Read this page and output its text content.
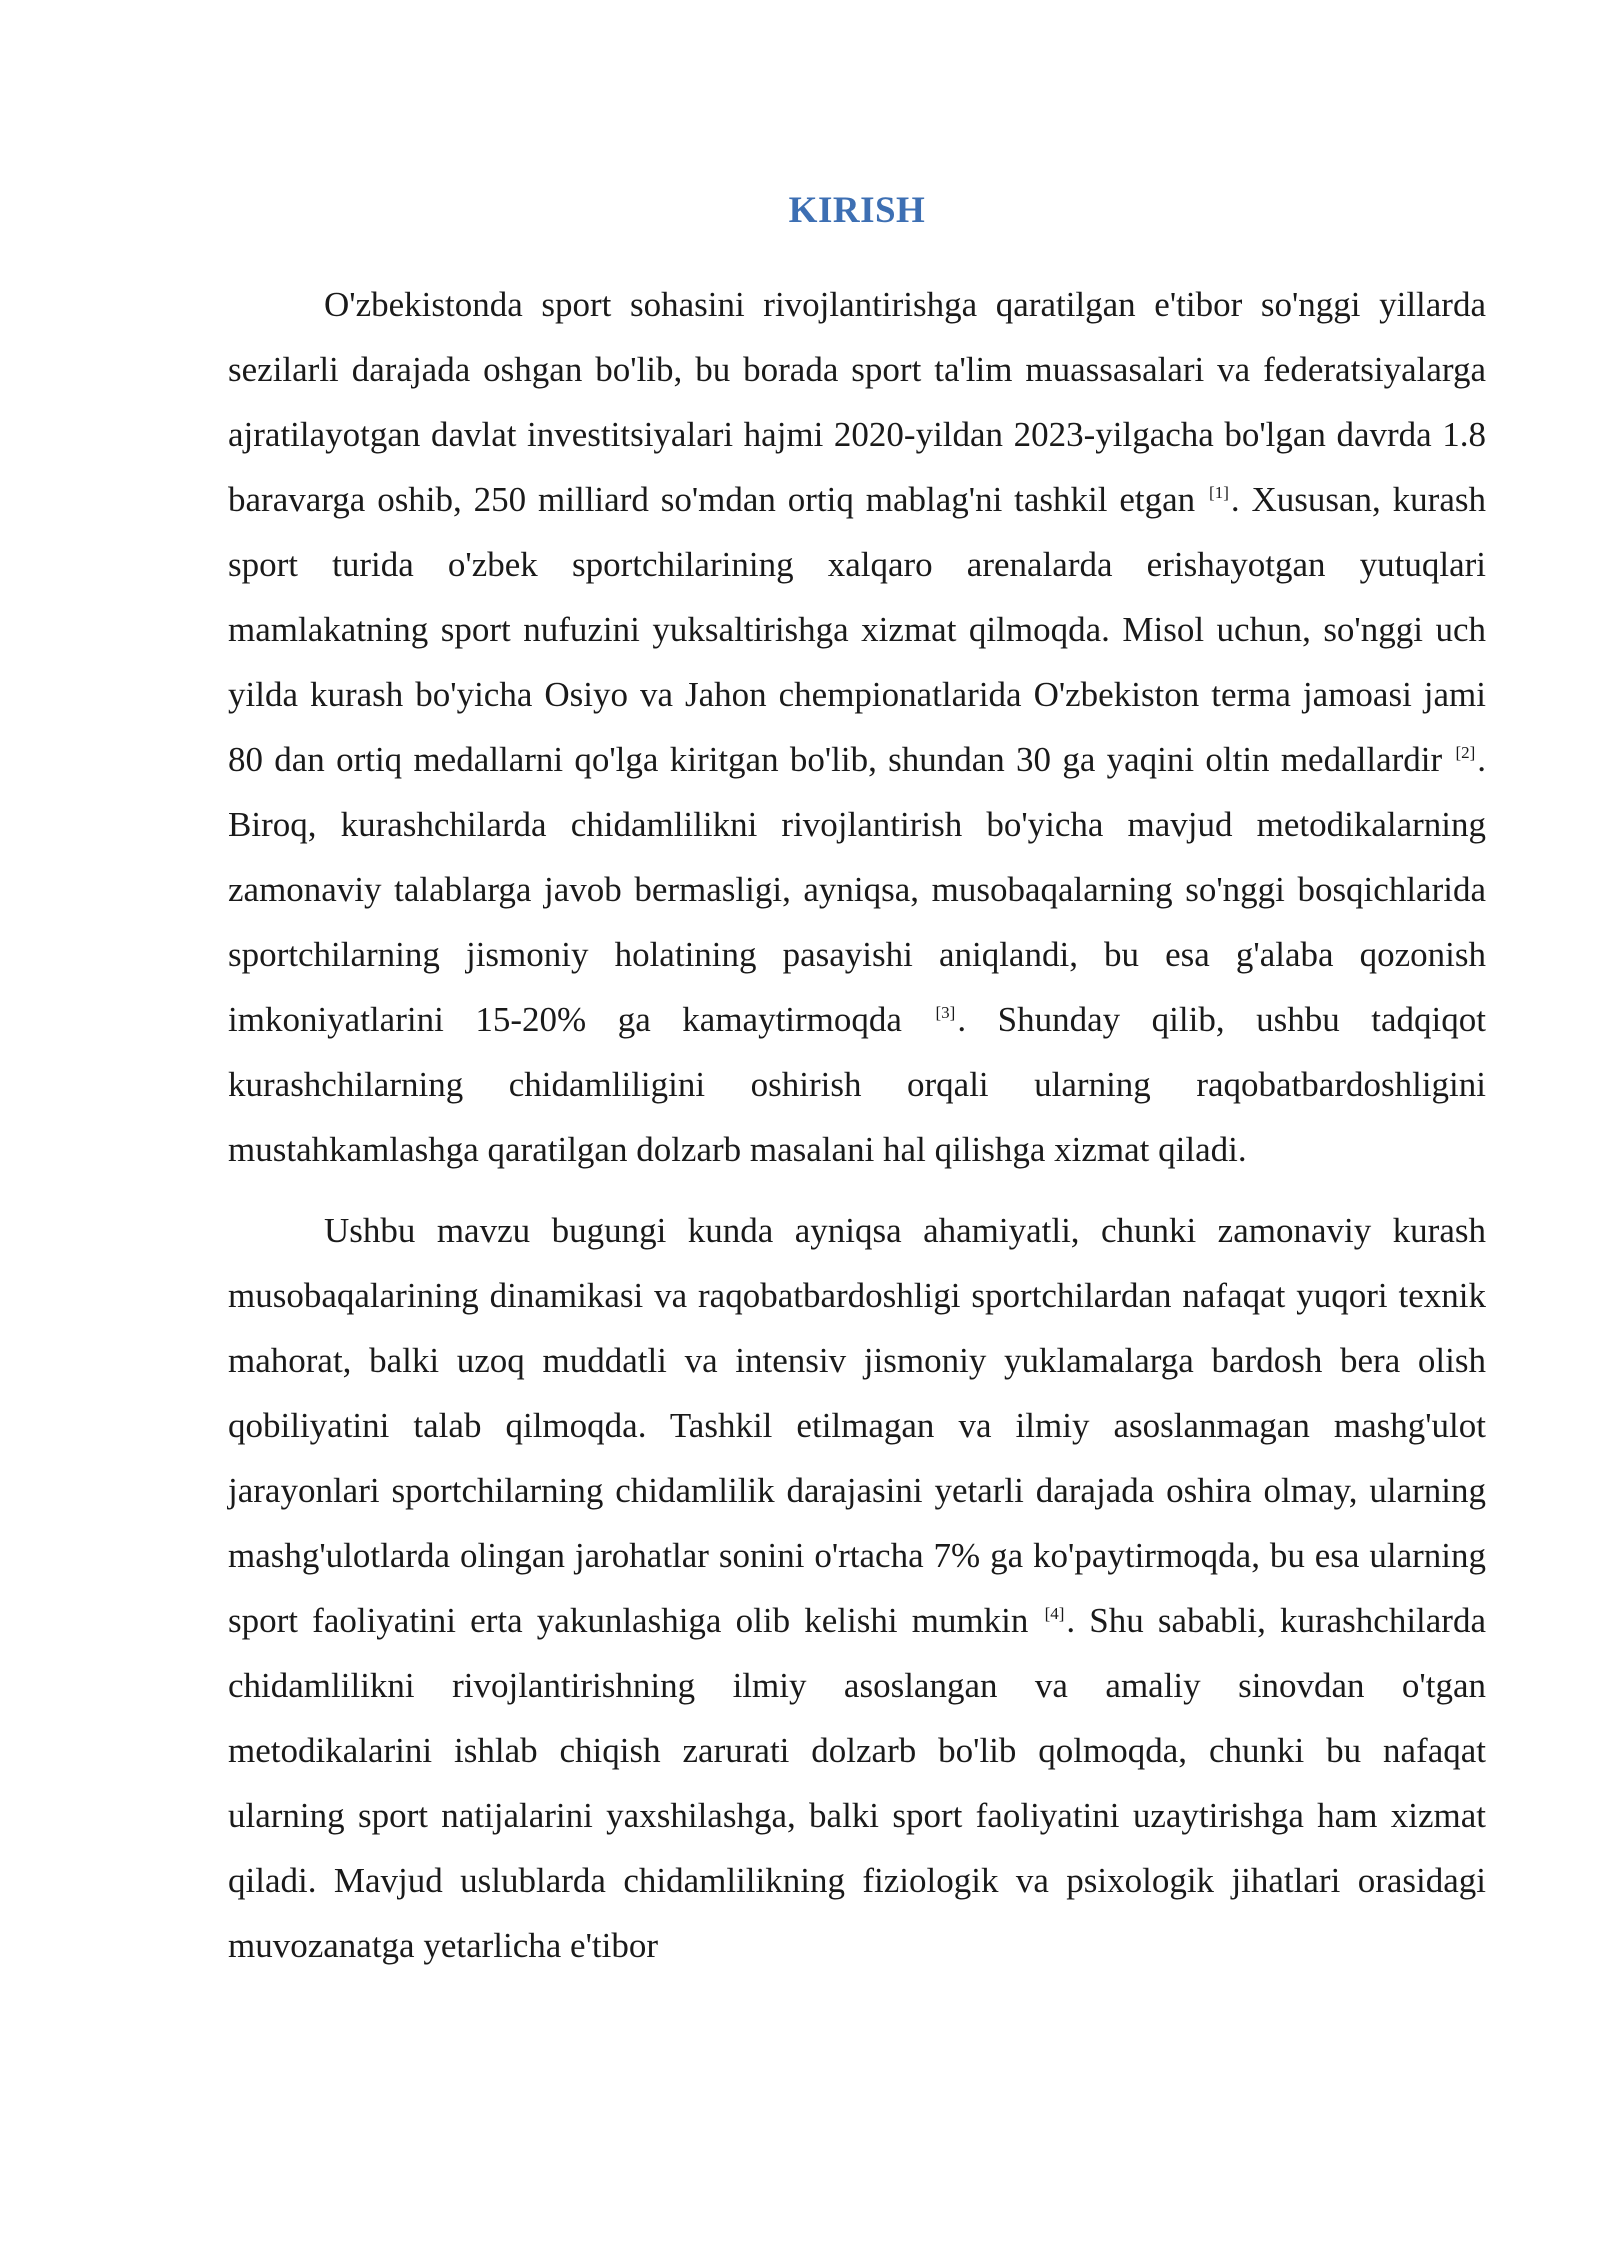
KIRISH

O'zbekistonda sport sohasini rivojlantirishga qaratilgan e'tibor so'nggi yillarda sezilarli darajada oshgan bo'lib, bu borada sport ta'lim muassasalari va federatsiyalarga ajratilayotgan davlat investitsiyalari hajmi 2020-yildan 2023-yilgacha bo'lgan davrda 1.8 baravarga oshib, 250 milliard so'mdan ortiq mablag'ni tashkil etgan [1]. Xususan, kurash sport turida o'zbek sportchilarining xalqaro arenalarda erishayotgan yutuqlari mamlakatning sport nufuzini yuksaltirishga xizmat qilmoqda. Misol uchun, so'nggi uch yilda kurash bo'yicha Osiyo va Jahon chempionatlarida O'zbekiston terma jamoasi jami 80 dan ortiq medallarni qo'lga kiritgan bo'lib, shundan 30 ga yaqini oltin medallardir [2]. Biroq, kurashchilarda chidamlilikni rivojlantirish bo'yicha mavjud metodikalarning zamonaviy talablarga javob bermasligi, ayniqsa, musobaqalarning so'nggi bosqichlarida sportchilarning jismoniy holatining pasayishi aniqlandi, bu esa g'alaba qozonish imkoniyatlarini 15-20% ga kamaytirmoqda [3]. Shunday qilib, ushbu tadqiqot kurashchilarning chidamliligini oshirish orqali ularning raqobatbardoshligini mustahkamlashga qaratilgan dolzarb masalani hal qilishga xizmat qiladi.

Ushbu mavzu bugungi kunda ayniqsa ahamiyatli, chunki zamonaviy kurash musobaqalarining dinamikasi va raqobatbardoshligi sportchilardan nafaqat yuqori texnik mahorat, balki uzoq muddatli va intensiv jismoniy yuklamalarga bardosh bera olish qobiliyatini talab qilmoqda. Tashkil etilmagan va ilmiy asoslanmagan mashg'ulot jarayonlari sportchilarning chidamlilik darajasini yetarli darajada oshira olmay, ularning mashg'ulotlarda olingan jarohatlar sonini o'rtacha 7% ga ko'paytirmoqda, bu esa ularning sport faoliyatini erta yakunlashiga olib kelishi mumkin [4]. Shu sababli, kurashchilarda chidamlilikni rivojlantirishning ilmiy asoslangan va amaliy sinovdan o'tgan metodikalarini ishlab chiqish zarurati dolzarb bo'lib qolmoqda, chunki bu nafaqat ularning sport natijalarini yaxshilashga, balki sport faoliyatini uzaytirishga ham xizmat qiladi. Mavjud uslublarda chidamlilikning fiziologik va psixologik jihatlari orasidagi muvozanatga yetarlicha e'tibor
